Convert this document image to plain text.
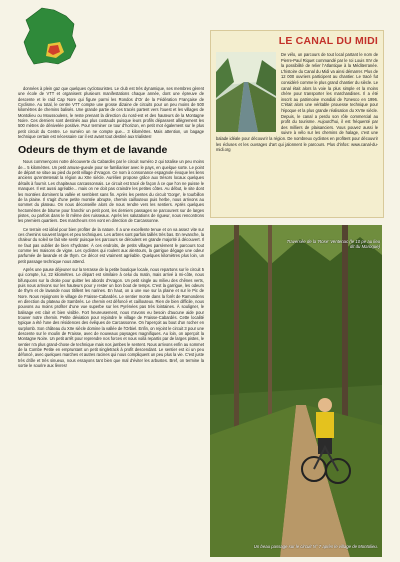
données à plein gaz que quelques cyclotouristes. Le club est très dynamique, ses membres gèrent une école de VTT et organisent plusieurs manifestations chaque année, dont une épreuve de descente et le raid Cap Nore qui figure parmi les Rondos d'Or de la Fédération Française de Cyclisme. Au total, le centre VTT compte une grosse dizaine de circuits pour un peu moins de 500 kilomètres de chemins balisés. Une grande partie de ces tracés partent vers l'ouest et les villages de Montolieu ou Moussoulens, le reste prenant la direction du nord-est et des hauteurs de la Montagne Noire. Ces derniers sont destinés aux plus costauds puisque leurs profils dépassent allègrement les 500 mètres de dénivelée positive. Pour terminer ce tour d'horizon, en petit mot également sur le plus petit circuit du Centre. Le numéro un ne compte que... 3 kilomètres. Mais attention, un bagage technique certain est nécessaire car il est avant tout destiné aux trialistes!

Odeurs de thym et de lavande

Nous commençons notre découverte du Cabardès par le circuit numéro 2 qui totalise un peu moins de... 5 kilomètres. Un petit amuse-gueule pour se familiariser avec le pays, en quelque sorte. Le point de départ se situe au pied du petit village d'Aragon. Ce nom à consonance espagnole évoque les liens anciens qu'entretenait la région au XIIe siècle. Aurélien propose grâce aux trésors locaux quelques détails à fournir. Les chapiteaux carcassonnais. Le circuit est tracé de façon à ce que l'on ne puisse le manquer. Il est aussi agréable... mais on ne doit pas craindre les petites côtes. Au début, le site dont les montées dominent la vallée et semblent sans fin. Après les pentes du circuit 'Gorge', le tourbillon de la plaine. Il s'agit d'une petite montée abrupte, chemin caillouteux puis herbe, nous arrivons au sommet du plateau. On nous déconseille alors de nous rendre vers les sentiers. Après quelques hectomètres de bitume pour franchir un petit pont, les derniers passages se parcourent sur de larges pistes, ou parfois dans le lit même des ruisseaux. Après les salutations de rigueur, nous rencontrons les premiers quartiers. Des marcheurs s'en vont en direction de Carcassonne.

Ce terrain est idéal pour bien profiter de la nature. Il a une excellente tenue et on va assez vite sur ces chemins souvent larges et peu techniques. Les arbres sont parfois taillés très bas. En revanche, la chaleur du soleil se fait vite sentir puisque les parcours se déroulent en grande majorité à découvert. Il ne faut pas oublier de bien s'hydrater. À ces endroits, de petits villages parsèment le parcours tout comme les maisons de vigne. Les cyclistes qui roulent aux alentours, la garrigue dégage une odeur parfumée de lavande et de thym. Ce décor est vraiment agréable. Quelques kilomètres plus loin, un petit passage technique nous attend.

Après une pause déjeuner sur la terrasse de la petite boutique locale, nous repartons sur le circuit 5 qui compte, lui, 22 kilomètres. Le départ est similaire à celui du matin, mais arrivé à mi-côte, nous bifurquons sur la droite pour quitter les abords d'Aragon. Un petit single au milieu des chênes verts, puis nous arrivons sur les hauteurs pour y rester un bon bout de temps. C'est la garrigue, les odeurs de thym et de lavande nous titillent les narines. En haut, on a une vue sur la plaine et sur le Pic de Nore. Nous rejoignons le village de Fraisse-Cabardès. Le sentier monte dans la forêt de Ramondens en direction du plateau de Sambrès. Le chemin est défoncé et caillouteux. Rien de bien difficile, nous pouvons au moins profiter d'une vue superbe sur les Pyrénées pas très lointaines. À souligner, le balisage est clair et bien visible. Fort heureusement, nous n'avons eu besoin d'aucune aide pour trouver notre chemin. Petite déviation pour rejoindre le village de Fraisse-Cabardès. Cette localité typique a été l'une des résidences des évêques de Carcassonne. On l'aperçoit au bout d'un rocher en surplomb. Son château du XIIe siècle domine la vallée de l'Orbiel. Enfin, on rejoint le circuit 3 pour une descente sur le moulin de Fraisse, avec de nouveaux paysages magnifiques. Au loin, on aperçoit la Montagne Noire. Un petit arrêt pour reprendre nos forces et nous voilà repartis par de larges pistes, le sentier n'a plus grand-chose de technique mais nos jambes le sentent. Nous arrivons enfin au sommet de la Combe Petite en empruntant un petit singletrack à profit descendant. Le sentier est ici un peu défoncé, avec quelques marches et autres racines qui nous compliquent un peu plus la vie. C'est juste très drôle et très sinueux, nous essayons tant bien que mal d'éviter les arbustes. Bref, on termine la sortie le sourire aux lèvres!

LE CANAL DU MIDI
De vélo, un parcours de tout local partant le nom de Pierre-Paul Riquet commandé par le roi Louis XIV de la possibilité de relier l'Atlantique à la Méditerranée. L'histoire du Canal du Midi va ainsi démarrer. Plus de 12 000 ouvriers participent au chantier. Le tracé fut considéré comme le plus grand chantier du siècle. Le canal était alors la voie la plus simple et la moins chère pour transporter les marchandises. Il a été inscrit au patrimoine mondial de l'Unesco en 1996. C'était alors une véritable prouesse technique pour l'époque et la plus grande réalisation du XVIIe siècle. Depuis, le canal a perdu son rôle commercial au profit du tourisme. Aujourd'hui, il est fréquenté par des milliers de plaisanciers. Vous pouvez aussi le suivre à vélo sur les chemins de halage, c'est une balade idéale pour découvrir la région. De nombreux cyclistes en profitent pour découvrir les écluses et les ouvrages d'art qui jalonnent le parcours. Plus d'infos: www.canal-du-midi.org
Traversée de la 'Rose' Ventenac (le 10 pe au lieu dit du Maroque)
Un beau passage sur le circuit N° 7 après le village de Montolieu.
